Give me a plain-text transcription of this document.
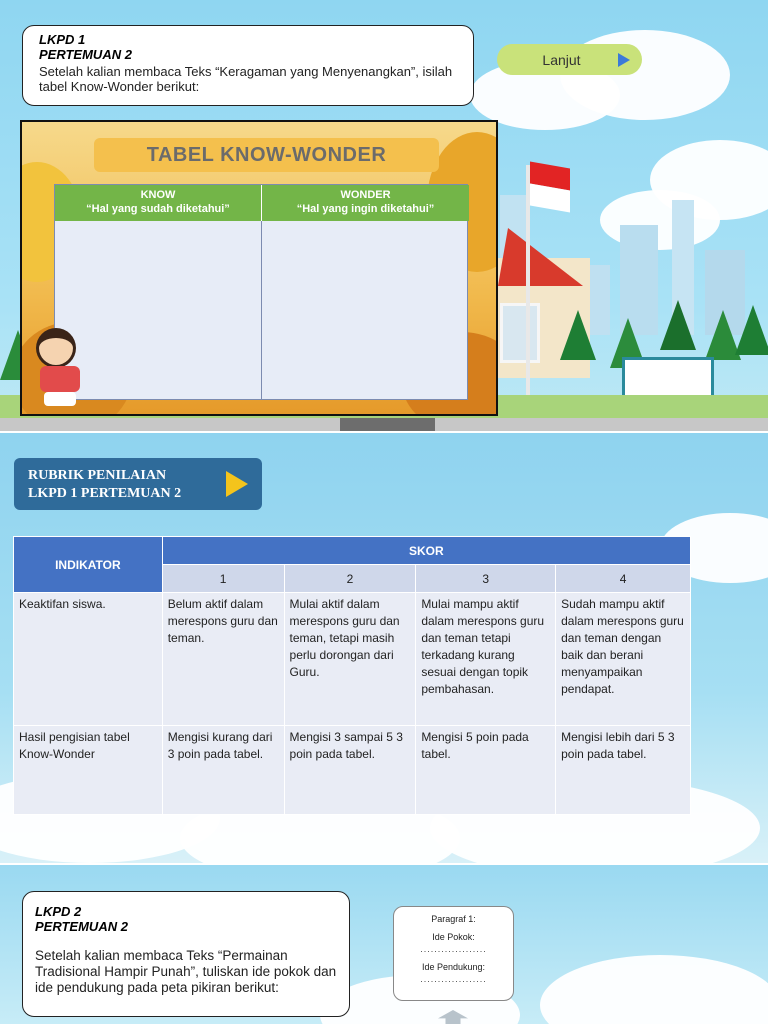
LKPD 1
PERTEMUAN 2
Setelah kalian membaca Teks “Keragaman yang Menyenangkan”, isilah tabel Know-Wonder berikut:
Lanjut
TABEL KNOW-WONDER
KNOW
“Hal yang sudah diketahui”
WONDER
“Hal yang ingin diketahui”
RUBRIK PENILAIAN
LKPD 1 PERTEMUAN 2
INDIKATOR	SKOR			
	1	2	3	4
Keaktifan siswa.	Belum aktif dalam merespons guru dan teman.	Mulai aktif dalam merespons guru dan teman, tetapi masih perlu dorongan dari Guru.	Mulai mampu aktif dalam merespons guru dan teman tetapi terkadang kurang sesuai dengan topik pembahasan.	Sudah mampu aktif dalam merespons guru dan teman dengan baik dan berani menyampaikan pendapat.
Hasil pengisian tabel Know-Wonder	Mengisi kurang dari 3 poin pada tabel.	Mengisi 3 sampai 5 3 poin pada tabel.	Mengisi 5 poin pada tabel.	Mengisi lebih dari 5 3 poin pada tabel.
LKPD 2
PERTEMUAN 2
Setelah kalian membaca Teks “Permainan Tradisional Hampir Punah”, tuliskan ide pokok dan ide pendukung pada peta pikiran berikut:
Paragraf 1:
Ide Pokok:
...................
Ide Pendukung:
...................
